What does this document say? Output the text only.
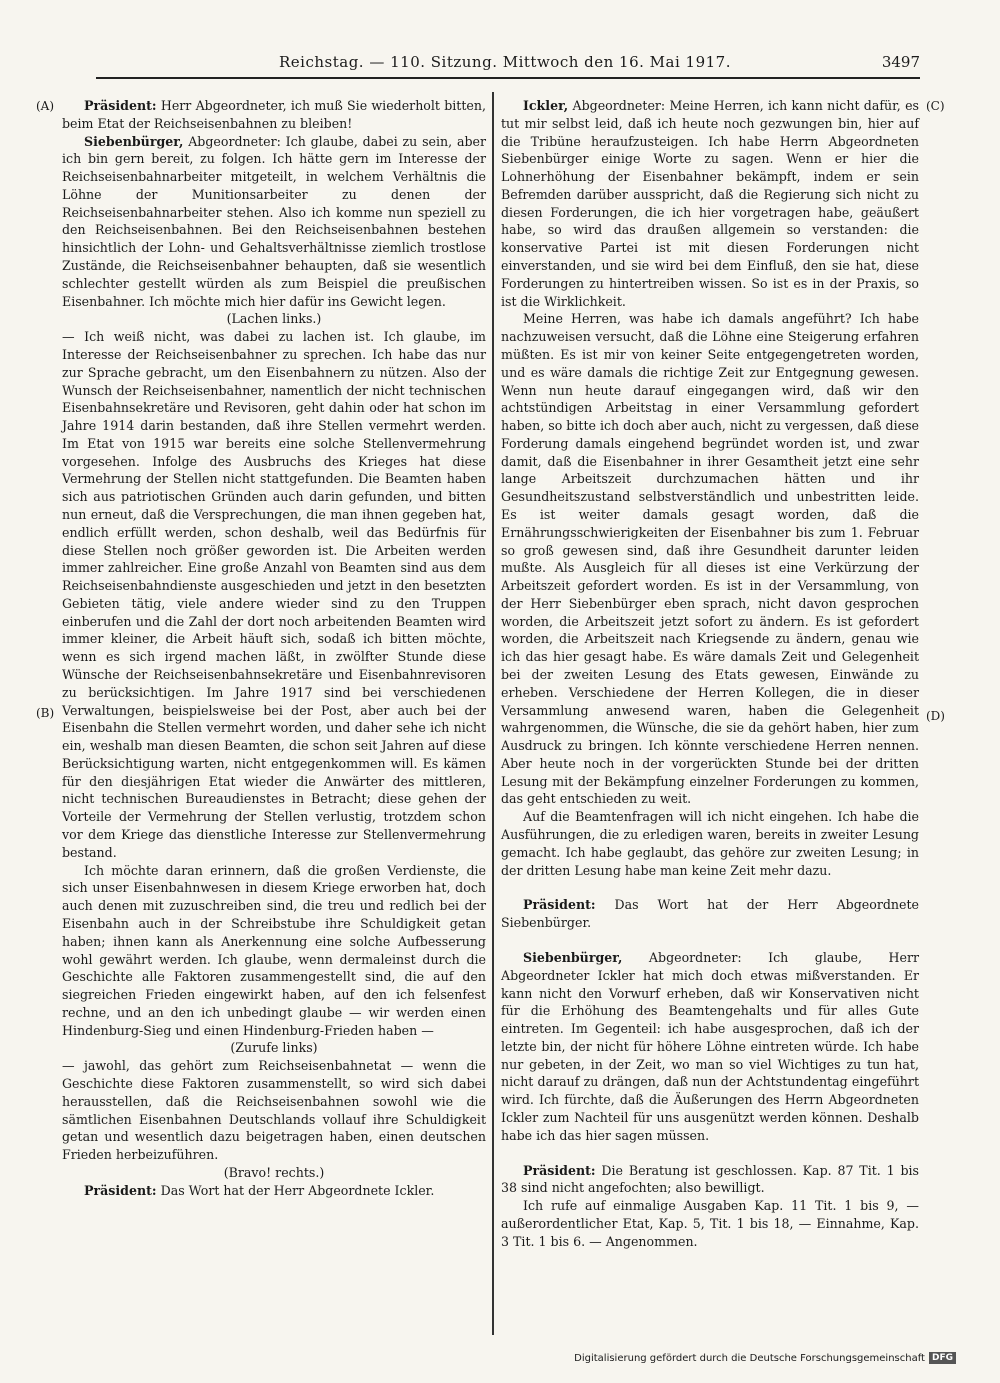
Reichstag. — 110. Sitzung. Mittwoch den 16. Mai 1917.	3497
(A)
(B)
(C)
(D)

Präsident: Herr Abgeordneter, ich muß Sie wiederholt bitten, beim Etat der Reichseisenbahnen zu bleiben!

Siebenbürger, Abgeordneter: Ich glaube, dabei zu sein, aber ich bin gern bereit, zu folgen. Ich hätte gern im Interesse der Reichseisenbahnarbeiter mitgeteilt, in welchem Verhältnis die Löhne der Munitionsarbeiter zu denen der Reichseisenbahnarbeiter stehen. Also ich komme nun speziell zu den Reichseisenbahnen. Bei den Reichseisenbahnen bestehen hinsichtlich der Lohn- und Gehaltsverhältnisse ziemlich trostlose Zustände, die Reichseisenbahner behaupten, daß sie wesentlich schlechter gestellt würden als zum Beispiel die preußischen Eisenbahner. Ich möchte mich hier dafür ins Gewicht legen.

(Lachen links.)

— Ich weiß nicht, was dabei zu lachen ist. Ich glaube, im Interesse der Reichseisenbahner zu sprechen. Ich habe das nur zur Sprache gebracht, um den Eisenbahnern zu nützen. Also der Wunsch der Reichseisenbahner, namentlich der nicht technischen Eisenbahnsekretäre und Revisoren, geht dahin oder hat schon im Jahre 1914 darin bestanden, daß ihre Stellen vermehrt werden. Im Etat von 1915 war bereits eine solche Stellenvermehrung vorgesehen. Infolge des Ausbruchs des Krieges hat diese Vermehrung der Stellen nicht stattgefunden. Die Beamten haben sich aus patriotischen Gründen auch darin gefunden, und bitten nun erneut, daß die Versprechungen, die man ihnen gegeben hat, endlich erfüllt werden, schon deshalb, weil das Bedürfnis für diese Stellen noch größer geworden ist. Die Arbeiten werden immer zahlreicher. Eine große Anzahl von Beamten sind aus dem Reichseisenbahndienste ausgeschieden und jetzt in den besetzten Gebieten tätig, viele andere wieder sind zu den Truppen einberufen und die Zahl der dort noch arbeitenden Beamten wird immer kleiner, die Arbeit häuft sich, sodaß ich bitten möchte, wenn es sich irgend machen läßt, in zwölfter Stunde diese Wünsche der Reichseisenbahnsekretäre und Eisenbahnrevisoren zu berücksichtigen. Im Jahre 1917 sind bei verschiedenen Verwaltungen, beispielsweise bei der Post, aber auch bei der Eisenbahn die Stellen vermehrt worden, und daher sehe ich nicht ein, weshalb man diesen Beamten, die schon seit Jahren auf diese Berücksichtigung warten, nicht entgegenkommen will. Es kämen für den diesjährigen Etat wieder die Anwärter des mittleren, nicht technischen Bureaudienstes in Betracht; diese gehen der Vorteile der Vermehrung der Stellen verlustig, trotzdem schon vor dem Kriege das dienstliche Interesse zur Stellenvermehrung bestand.

Ich möchte daran erinnern, daß die großen Verdienste, die sich unser Eisenbahnwesen in diesem Kriege erworben hat, doch auch denen mit zuzuschreiben sind, die treu und redlich bei der Eisenbahn auch in der Schreibstube ihre Schuldigkeit getan haben; ihnen kann als Anerkennung eine solche Aufbesserung wohl gewährt werden. Ich glaube, wenn dermaleinst durch die Geschichte alle Faktoren zusammengestellt sind, die auf den siegreichen Frieden eingewirkt haben, auf den ich felsenfest rechne, und an den ich unbedingt glaube — wir werden einen Hindenburg-Sieg und einen Hindenburg-Frieden haben —

(Zurufe links)

— jawohl, das gehört zum Reichseisenbahnetat — wenn die Geschichte diese Faktoren zusammenstellt, so wird sich dabei herausstellen, daß die Reichseisenbahnen sowohl wie die sämtlichen Eisenbahnen Deutschlands vollauf ihre Schuldigkeit getan und wesentlich dazu beigetragen haben, einen deutschen Frieden herbeizuführen.

(Bravo! rechts.)

Präsident: Das Wort hat der Herr Abgeordnete Ickler.

Ickler, Abgeordneter: Meine Herren, ich kann nicht dafür, es tut mir selbst leid, daß ich heute noch gezwungen bin, hier auf die Tribüne heraufzusteigen. Ich habe Herrn Abgeordneten Siebenbürger einige Worte zu sagen. Wenn er hier die Lohnerhöhung der Eisenbahner bekämpft, indem er sein Befremden darüber ausspricht, daß die Regierung sich nicht zu diesen Forderungen, die ich hier vorgetragen habe, geäußert habe, so wird das draußen allgemein so verstanden: die konservative Partei ist mit diesen Forderungen nicht einverstanden, und sie wird bei dem Einfluß, den sie hat, diese Forderungen zu hintertreiben wissen. So ist es in der Praxis, so ist die Wirklichkeit.

Meine Herren, was habe ich damals angeführt? Ich habe nachzuweisen versucht, daß die Löhne eine Steigerung erfahren müßten. Es ist mir von keiner Seite entgegengetreten worden, und es wäre damals die richtige Zeit zur Entgegnung gewesen. Wenn nun heute darauf eingegangen wird, daß wir den achtstündigen Arbeitstag in einer Versammlung gefordert haben, so bitte ich doch aber auch, nicht zu vergessen, daß diese Forderung damals eingehend begründet worden ist, und zwar damit, daß die Eisenbahner in ihrer Gesamtheit jetzt eine sehr lange Arbeitszeit durchzumachen hätten und ihr Gesundheitszustand selbstverständlich und unbestritten leide. Es ist weiter damals gesagt worden, daß die Ernährungsschwierigkeiten der Eisenbahner bis zum 1. Februar so groß gewesen sind, daß ihre Gesundheit darunter leiden mußte. Als Ausgleich für all dieses ist eine Verkürzung der Arbeitszeit gefordert worden. Es ist in der Versammlung, von der Herr Siebenbürger eben sprach, nicht davon gesprochen worden, die Arbeitszeit jetzt sofort zu ändern. Es ist gefordert worden, die Arbeitszeit nach Kriegsende zu ändern, genau wie ich das hier gesagt habe. Es wäre damals Zeit und Gelegenheit bei der zweiten Lesung des Etats gewesen, Einwände zu erheben. Verschiedene der Herren Kollegen, die in dieser Versammlung anwesend waren, haben die Gelegenheit wahrgenommen, die Wünsche, die sie da gehört haben, hier zum Ausdruck zu bringen. Ich könnte verschiedene Herren nennen. Aber heute noch in der vorgerückten Stunde bei der dritten Lesung mit der Bekämpfung einzelner Forderungen zu kommen, das geht entschieden zu weit.

Auf die Beamtenfragen will ich nicht eingehen. Ich habe die Ausführungen, die zu erledigen waren, bereits in zweiter Lesung gemacht. Ich habe geglaubt, das gehöre zur zweiten Lesung; in der dritten Lesung habe man keine Zeit mehr dazu.

Präsident: Das Wort hat der Herr Abgeordnete Siebenbürger.

Siebenbürger, Abgeordneter: Ich glaube, Herr Abgeordneter Ickler hat mich doch etwas mißverstanden. Er kann nicht den Vorwurf erheben, daß wir Konservativen nicht für die Erhöhung des Beamtengehalts und für alles Gute eintreten. Im Gegenteil: ich habe ausgesprochen, daß ich der letzte bin, der nicht für höhere Löhne eintreten würde. Ich habe nur gebeten, in der Zeit, wo man so viel Wichtiges zu tun hat, nicht darauf zu drängen, daß nun der Achtstundentag eingeführt wird. Ich fürchte, daß die Äußerungen des Herrn Abgeordneten Ickler zum Nachteil für uns ausgenützt werden können. Deshalb habe ich das hier sagen müssen.

Präsident: Die Beratung ist geschlossen. Kap. 87 Tit. 1 bis 38 sind nicht angefochten; also bewilligt.

Ich rufe auf einmalige Ausgaben Kap. 11 Tit. 1 bis 9, — außerordentlicher Etat, Kap. 5, Tit. 1 bis 18, — Einnahme, Kap. 3 Tit. 1 bis 6. — Angenommen.

Digitalisierung gefördert durch die Deutsche Forschungsgemeinschaft DFG
